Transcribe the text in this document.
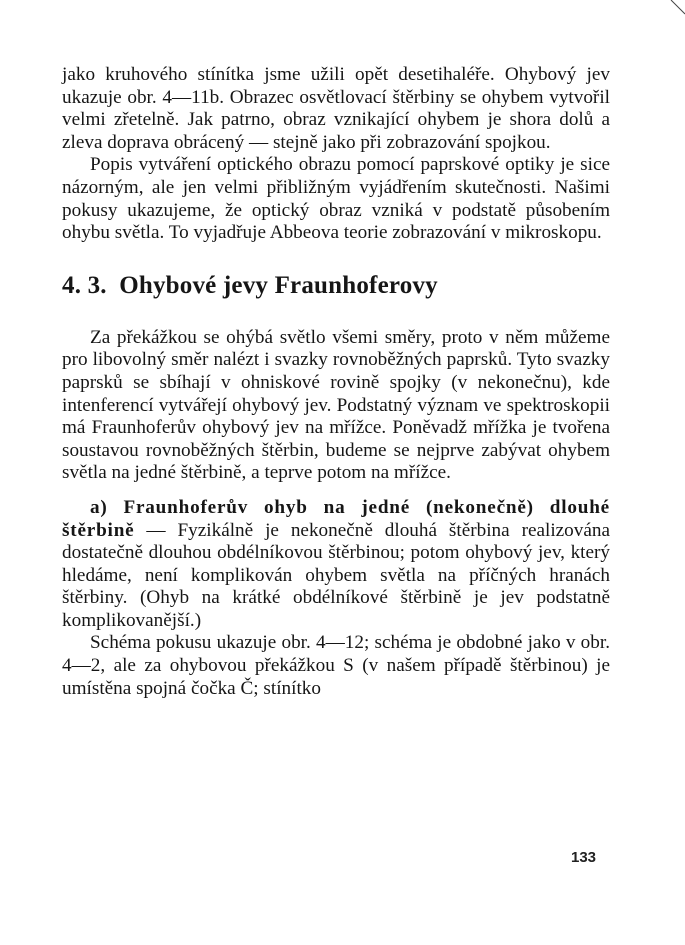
jako kruhového stínítka jsme užili opět desetihaléře. Ohybový jev ukazuje obr. 4—11b. Obrazec osvětlovací štěrbiny se ohybem vytvořil velmi zřetelně. Jak patrno, obraz vznikající ohybem je shora dolů a zleva doprava obrácený — stejně jako při zobrazování spojkou.

Popis vytváření optického obrazu pomocí paprskové optiky je sice názorným, ale jen velmi přibližným vyjádřením skutečnosti. Našimi pokusy ukazujeme, že optický obraz vzniká v podstatě působením ohybu světla. To vyjadřuje Abbeova teorie zobrazování v mikroskopu.

4. 3. Ohybové jevy Fraunhoferovy

Za překážkou se ohýbá světlo všemi směry, proto v něm můžeme pro libovolný směr nalézt i svazky rovnoběžných paprsků. Tyto svazky paprsků se sbíhají v ohniskové rovině spojky (v nekonečnu), kde intenferencí vytvářejí ohybový jev. Podstatný význam ve spektroskopii má Fraunhoferův ohybový jev na mřížce. Poněvadž mřížka je tvořena soustavou rovnoběžných štěrbin, budeme se nejprve zabývat ohybem světla na jedné štěrbině, a teprve potom na mřížce.

a) Fraunhoferův ohyb na jedné (nekonečně) dlouhé štěrbině — Fyzikálně je nekonečně dlouhá štěrbina realizována dostatečně dlouhou obdélníkovou štěrbinou; potom ohybový jev, který hledáme, není komplikován ohybem světla na příčných hranách štěrbiny. (Ohyb na krátké obdélníkové štěrbině je jev podstatně komplikovanější.)

Schéma pokusu ukazuje obr. 4—12; schéma je obdobné jako v obr. 4—2, ale za ohybovou překážkou S (v našem případě štěrbinou) je umístěna spojná čočka Č; stínítko

133
